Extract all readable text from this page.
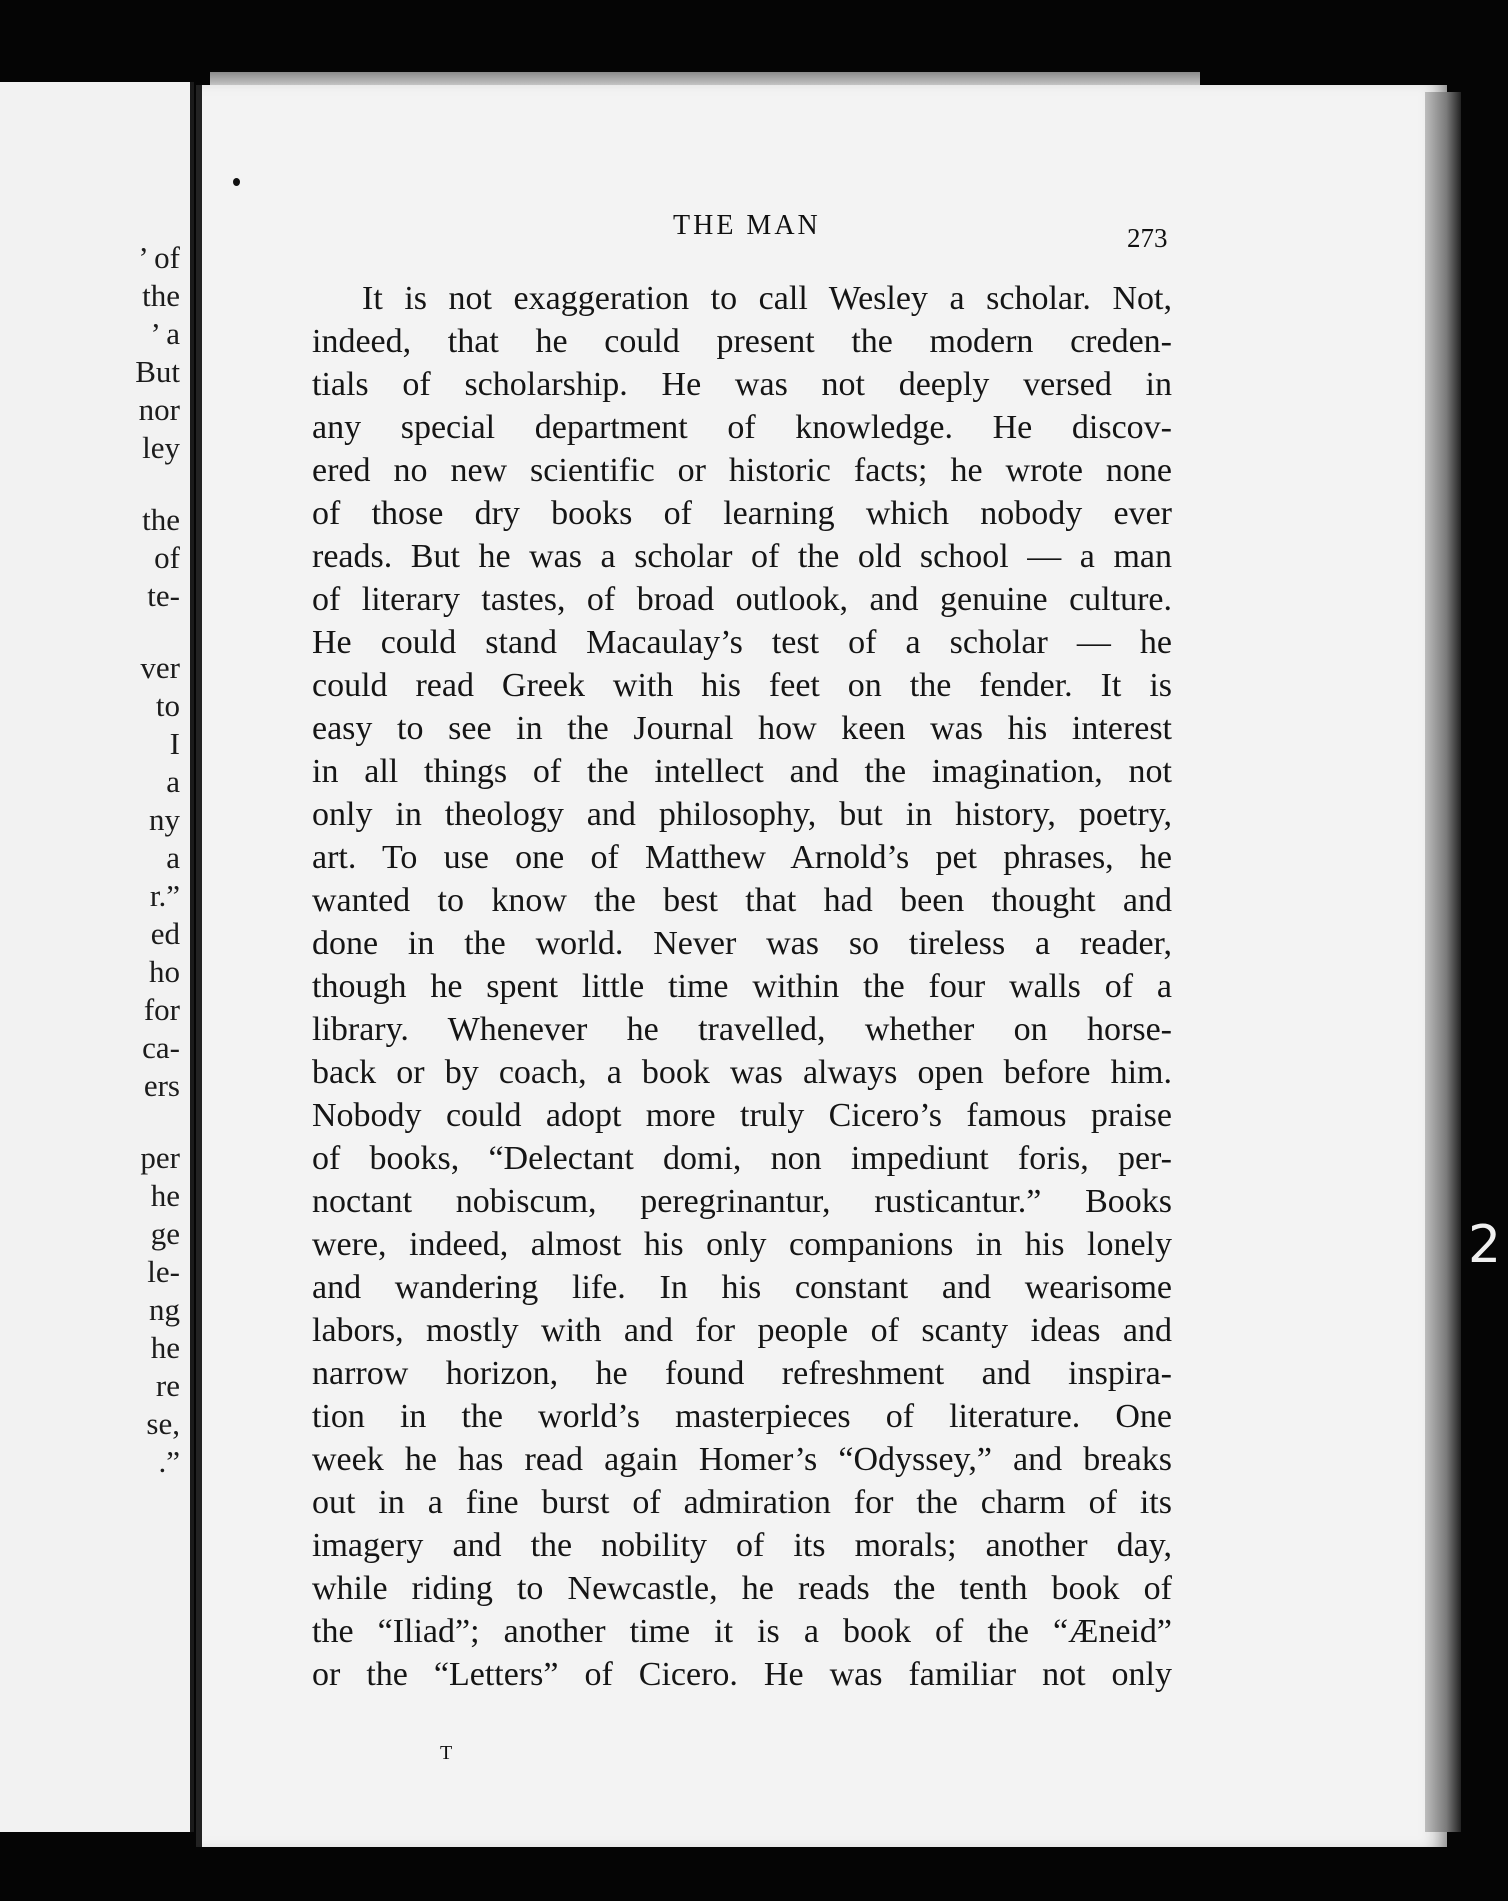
’ of
the
’ a
But
nor
ley
the
of
te-
ver
to
I
a
ny
a
r.”
ed
ho
for
ca-
ers
per
he
ge
le-
ng
he
re
se,
.”
THE MAN	273
It is not exaggeration to call Wesley a scholar. Not,
indeed, that he could present the modern creden-
tials of scholarship. He was not deeply versed in
any special department of knowledge. He discov-
ered no new scientific or historic facts; he wrote none
of those dry books of learning which nobody ever
reads. But he was a scholar of the old school — a man
of literary tastes, of broad outlook, and genuine culture.
He could stand Macaulay’s test of a scholar — he
could read Greek with his feet on the fender. It is
easy to see in the Journal how keen was his interest
in all things of the intellect and the imagination, not
only in theology and philosophy, but in history, poetry,
art. To use one of Matthew Arnold’s pet phrases, he
wanted to know the best that had been thought and
done in the world. Never was so tireless a reader,
though he spent little time within the four walls of a
library. Whenever he travelled, whether on horse-
back or by coach, a book was always open before him.
Nobody could adopt more truly Cicero’s famous praise
of books, “Delectant domi, non impediunt foris, per-
noctant nobiscum, peregrinantur, rusticantur.” Books
were, indeed, almost his only companions in his lonely
and wandering life. In his constant and wearisome
labors, mostly with and for people of scanty ideas and
narrow horizon, he found refreshment and inspira-
tion in the world’s masterpieces of literature. One
week he has read again Homer’s “Odyssey,” and breaks
out in a fine burst of admiration for the charm of its
imagery and the nobility of its morals; another day,
while riding to Newcastle, he reads the tenth book of
the “Iliad”; another time it is a book of the “Æneid”
or the “Letters” of Cicero. He was familiar not only
T
2
